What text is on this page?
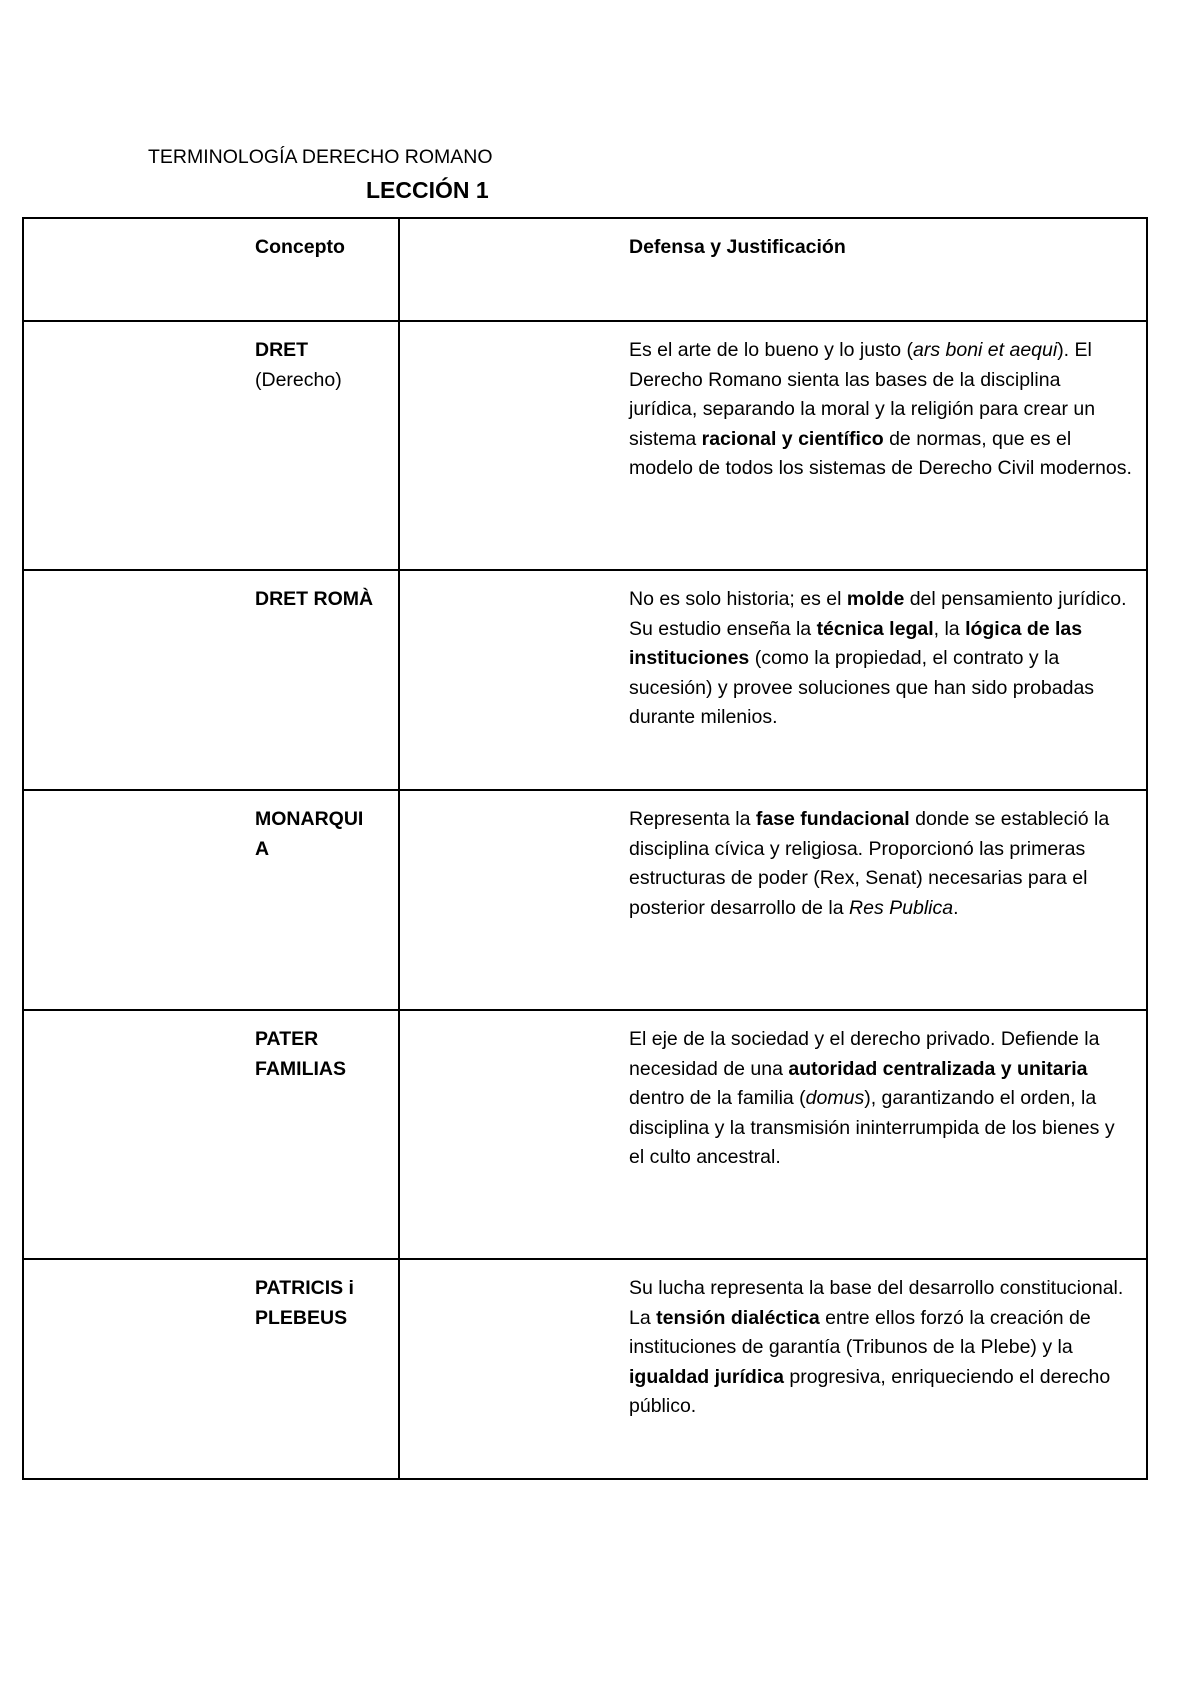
TERMINOLOGÍA DERECHO ROMANO
LECCIÓN 1
Concepto	Defensa y Justificación

DRET
(Derecho)	Es el arte de lo bueno y lo justo (ars boni et aequi). El Derecho Romano sienta las bases de la disciplina jurídica, separando la moral y la religión para crear un sistema racional y científico de normas, que es el modelo de todos los sistemas de Derecho Civil modernos.

DRET ROMÀ	No es solo historia; es el molde del pensamiento jurídico. Su estudio enseña la técnica legal, la lógica de las instituciones (como la propiedad, el contrato y la sucesión) y provee soluciones que han sido probadas durante milenios.

MONARQUI A	Representa la fase fundacional donde se estableció la disciplina cívica y religiosa. Proporcionó las primeras estructuras de poder (Rex, Senat) necesarias para el posterior desarrollo de la Res Publica.

PATER FAMILIAS	El eje de la sociedad y el derecho privado. Defiende la necesidad de una autoridad centralizada y unitaria dentro de la familia (domus), garantizando el orden, la disciplina y la transmisión ininterrumpida de los bienes y el culto ancestral.

PATRICIS i PLEBEUS	Su lucha representa la base del desarrollo constitucional. La tensión dialéctica entre ellos forzó la creación de instituciones de garantía (Tribunos de la Plebe) y la igualdad jurídica progresiva, enriqueciendo el derecho público.
